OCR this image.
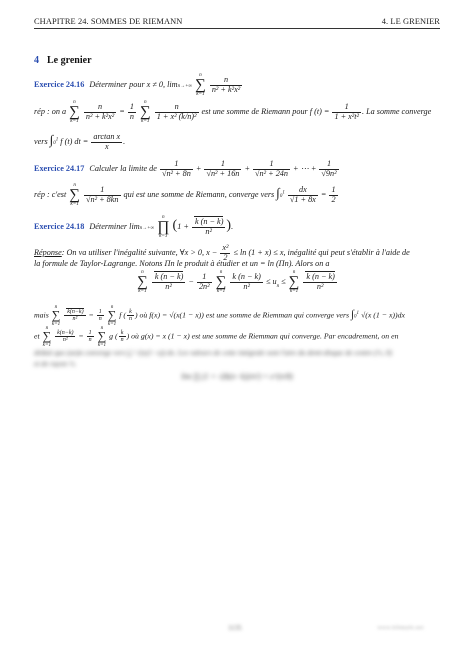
CHAPITRE 24. SOMMES DE RIEMANN	4. LE GRENIER
4 Le grenier
Exercice 24.16 Déterminer pour x ≠ 0, limn→+∞
n
∑
k=1

$\frac{n}{\text{n² + k²x²}}$
rép : on a
n
∑
k=1

$\frac{n}{\text{n² + k²x²}} = \frac{1}{n}$

n
∑
k=1

$\frac{n}{\text{1 + x² (k/n)²}}$ est une somme de Riemann pour f $(t) = \frac{1}{\text{1 + x²t²}}$ . La somme converge
vers $\int 0^1$ f (t) dt = $\frac{\text{arctan x}}{x}$ .
Exercice 24.17 Calculer la limite de $\frac{1}{\text{√n² + 8n}} + \frac{1}{\text{√n² + 16n}} + \frac{1}{\text{√n² + 24n}}$ + ⋯ + $\frac{1}{\text{√9n²}}$
rép : c'est
n
∑
k=1

$\frac{1}{\text{√n² + 8kn}}$ qui est une somme de Riemann, converge vers $\int 0^1 \frac{dx}{√1 + 8x} = \frac{1}{2}$
Exercice 24.18 Déterminer limn→+∞
n
∏
k=1
($1 + \frac{k (n - k)}{\text{n²}}$ ).
Réponse: On va utiliser l'inégalité suivante, ∀x > 0, $x - \frac{\text{x²}}{2} \le \ln (1 + x) \le x$, inégalité qui peut s'établir à l'aide de
la formule de Taylor-Lagrange. Notons Πn le produit à étudier et un = ln (Πn). Alors on a
n
∑
k=1

$\frac{k (n - k)}{\text{n²}} - \frac{1}{\text{2n²}}$

n
∑
k=1

$\frac{k (n - k)}{\text{n²}} \le u_n$ ≤
n
∑
k=1

$\frac{k (n - k)}{\text{n²}}$
mais
n
∑
k=1

$\frac{k(n-k)}{\text{n²}} = \frac{1}{n}$

n
∑
k=1
f ( $\frac{k}{n}$ ) où f(x) = √(x(1 − x)) est une somme de Riemman qui converge vers $\int 0^1$ √(x (1 − x))dx
et
n
∑
k=1

$\frac{k(n-k)}{\text{n²}} = \frac{1}{n}$

n
∑
k=1
g ( $\frac{k}{n}$ ) où g(x) = x (1 − x) est une somme de Riemman qui converge. Par encadrement, on en
déduit que (un)n converge vers ∫₀¹ √(x(1−x)) dx. Les valeurs de cette intégrale sont l'aire du demi-disque de centre (½, 0)
et de rayon ½.
lim ∏ (1 + √(k(n−k))/n²) = e^(π/8)
1135	www.bibmath.net
